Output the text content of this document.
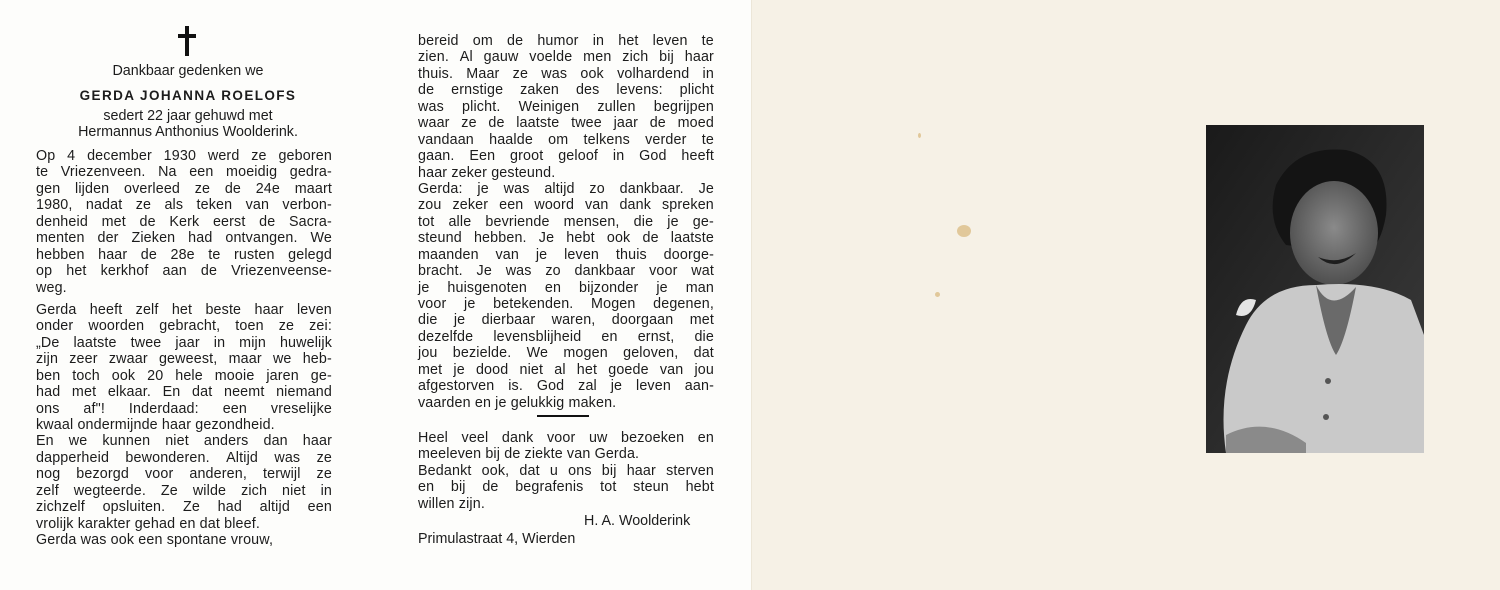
Dankbaar gedenken we
GERDA JOHANNA ROELOFS
sedert 22 jaar gehuwd met
Hermannus Anthonius Woolderink.
Op 4 december 1930 werd ze geboren
te Vriezenveen. Na een moeidig gedra-
gen lijden overleed ze de 24e maart
1980, nadat ze als teken van verbon-
denheid met de Kerk eerst de Sacra-
menten der Zieken had ontvangen. We
hebben haar de 28e te rusten gelegd
op het kerkhof aan de Vriezenveense-
weg.
Gerda heeft zelf het beste haar leven
onder woorden gebracht, toen ze zei:
„De laatste twee jaar in mijn huwelijk
zijn zeer zwaar geweest, maar we heb-
ben toch ook 20 hele mooie jaren ge-
had met elkaar. En dat neemt niemand
ons af"! Inderdaad: een vreselijke
kwaal ondermijnde haar gezondheid.
En we kunnen niet anders dan haar
dapperheid bewonderen. Altijd was ze
nog bezorgd voor anderen, terwijl ze
zelf wegteerde. Ze wilde zich niet in
zichzelf opsluiten. Ze had altijd een
vrolijk karakter gehad en dat bleef.
Gerda was ook een spontane vrouw,
bereid om de humor in het leven te
zien. Al gauw voelde men zich bij haar
thuis. Maar ze was ook volhardend in
de ernstige zaken des levens: plicht
was plicht. Weinigen zullen begrijpen
waar ze de laatste twee jaar de moed
vandaan haalde om telkens verder te
gaan. Een groot geloof in God heeft
haar zeker gesteund.
Gerda: je was altijd zo dankbaar. Je
zou zeker een woord van dank spreken
tot alle bevriende mensen, die je ge-
steund hebben. Je hebt ook de laatste
maanden van je leven thuis doorge-
bracht. Je was zo dankbaar voor wat
je huisgenoten en bijzonder je man
voor je betekenden. Mogen degenen,
die je dierbaar waren, doorgaan met
dezelfde levensblijheid en ernst, die
jou bezielde. We mogen geloven, dat
met je dood niet al het goede van jou
afgestorven is. God zal je leven aan-
vaarden en je gelukkig maken.
Heel veel dank voor uw bezoeken en
meeleven bij de ziekte van Gerda.
Bedankt ook, dat u ons bij haar sterven
en bij de begrafenis tot steun hebt
willen zijn.
H. A. Woolderink
Primulastraat 4, Wierden
